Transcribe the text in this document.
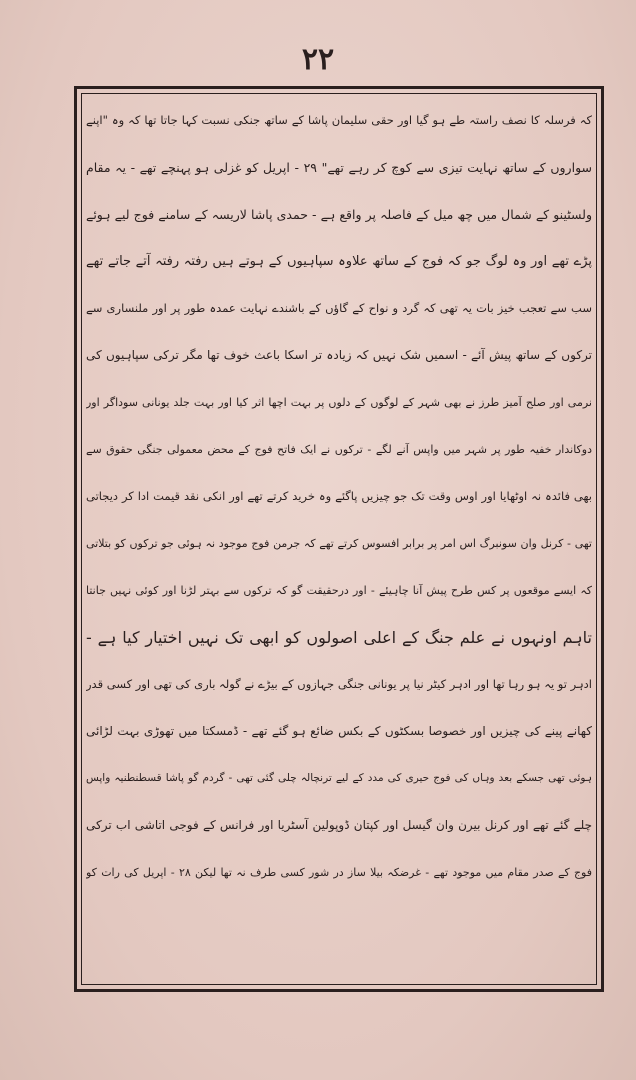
۲۲
کہ فرسلہ کا نصف راستہ طے ہو گیا اور حقی سلیمان پاشا کے ساتھ جنکی نسبت کہا جاتا تھا کہ وہ "اپنے
سواروں کے ساتھ نہایت تیزی سے کوچ کر رہے تھے" ۲۹ - اپریل کو غزلی ہو پہنچے تھے - یہ مقام
ولسٹینو کے شمال میں چھ میل کے فاصلہ پر واقع ہے - حمدی پاشا لاریسہ کے سامنے فوج لیے ہوئے
پڑے تھے اور وہ لوگ جو کہ فوج کے ساتھ علاوہ سپاہیوں کے ہوتے ہیں رفتہ رفتہ آتے جاتے تھے
سب سے تعجب خیز بات یہ تھی کہ گرد و نواح کے گاؤں کے باشندے نہایت عمدہ طور پر اور ملنساری سے
ترکوں کے ساتھ پیش آئے - اسمیں شک نہیں کہ زیادہ تر اسکا باعث خوف تھا مگر ترکی سپاہیوں کی
نرمی اور صلح آمیز طرز نے بھی شہر کے لوگوں کے دلوں پر بہت اچھا اثر کیا اور بہت جلد یونانی سوداگر اور
دوکاندار خفیہ طور پر شہر میں واپس آنے لگے - ترکوں نے ایک فاتح فوج کے محض معمولی جنگی حقوق سے
بھی فائدہ نہ اوٹھایا اور اوس وقت تک جو چیزیں پاگئے وہ خرید کرتے تھے اور انکی نقد قیمت ادا کر دیجاتی
تھی - کرنل وان سونبرگ اس امر پر برابر افسوس کرتے تھے کہ جرمن فوج موجود نہ ہوئی جو ترکوں کو بتلاتی
کہ ایسے موقعوں پر کس طرح پیش آنا چاہیئے - اور درحقیقت گو کہ ترکوں سے بہتر لڑنا اور کوئی نہیں جانتا
تاہم اونہوں نے علم جنگ کے اعلی اصولوں کو ابھی تک نہیں اختیار کیا ہے -
ادہر تو یہ ہو رہا تھا اور ادہر کیٹر نیا پر یونانی جنگی جہازوں کے بیڑے نے گولہ باری کی تھی اور کسی قدر
کھانے پینے کی چیزیں اور خصوصا بسکٹوں کے بکس ضائع ہو گئے تھے - ڈمسکتا میں تھوڑی بہت لڑائی
ہوئی تھی جسکے بعد وہاں کی فوج حیری کی مدد کے لیے ترنچالہ چلی گئی تھی - گردم گو پاشا قسطنطنیہ واپس
چلے گئے تھے اور کرنل بیرن وان گیسل اور کپتان ڈوپولین آسٹریا اور فرانس کے فوجی اتاشی اب ترکی
فوج کے صدر مقام میں موجود تھے - غرضکہ بیلا ساز در شور کسی طرف نہ تھا لیکن ۲۸ - اپریل کی رات کو
